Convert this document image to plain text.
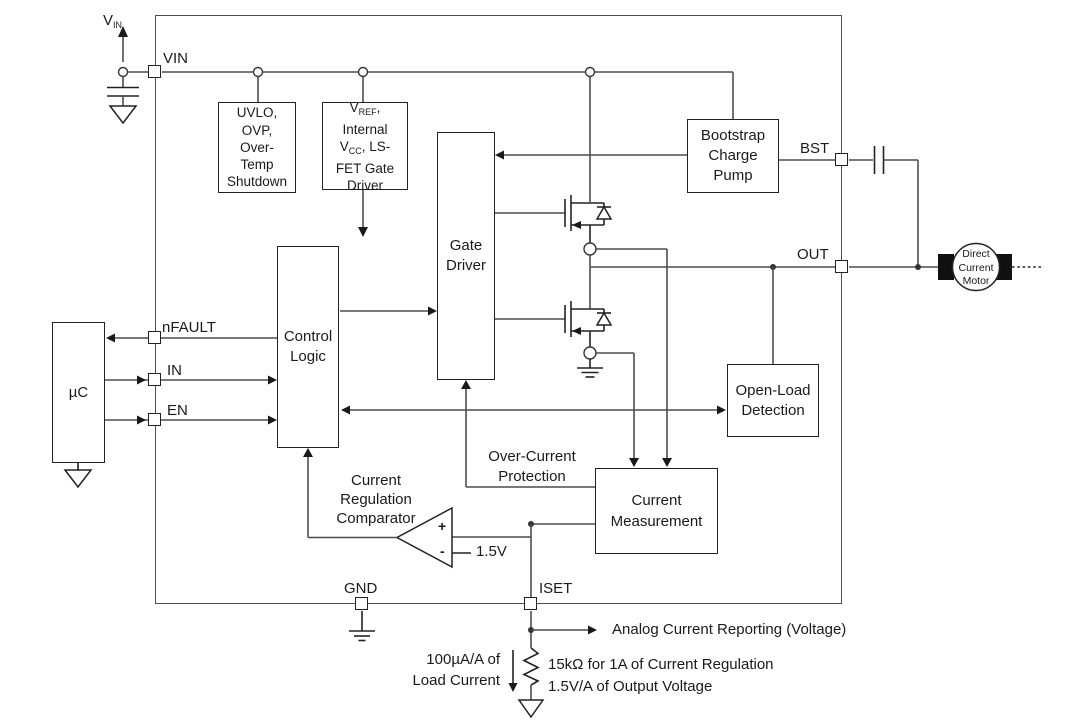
UVLO,
OVP,
Over-
Temp
Shutdown
$V_{REF}$,
Internal
$V_{CC}$, LS-
FET Gate
Driver
Gate
Driver
Bootstrap
Charge
Pump
Control
Logic
Open-Load
Detection
Current
Measurement
µC
$V_{IN}$
VIN
BST
OUT
nFAULT
IN
EN
GND	ISET
Over-Current
Protection
Current
Regulation
Comparator	+
- 1.5V
Analog Current Reporting (Voltage)
100µA/A of
Load Current
15kΩ for 1A of Current Regulation
1.5V/A of Output Voltage
Direct
Current
Motor
